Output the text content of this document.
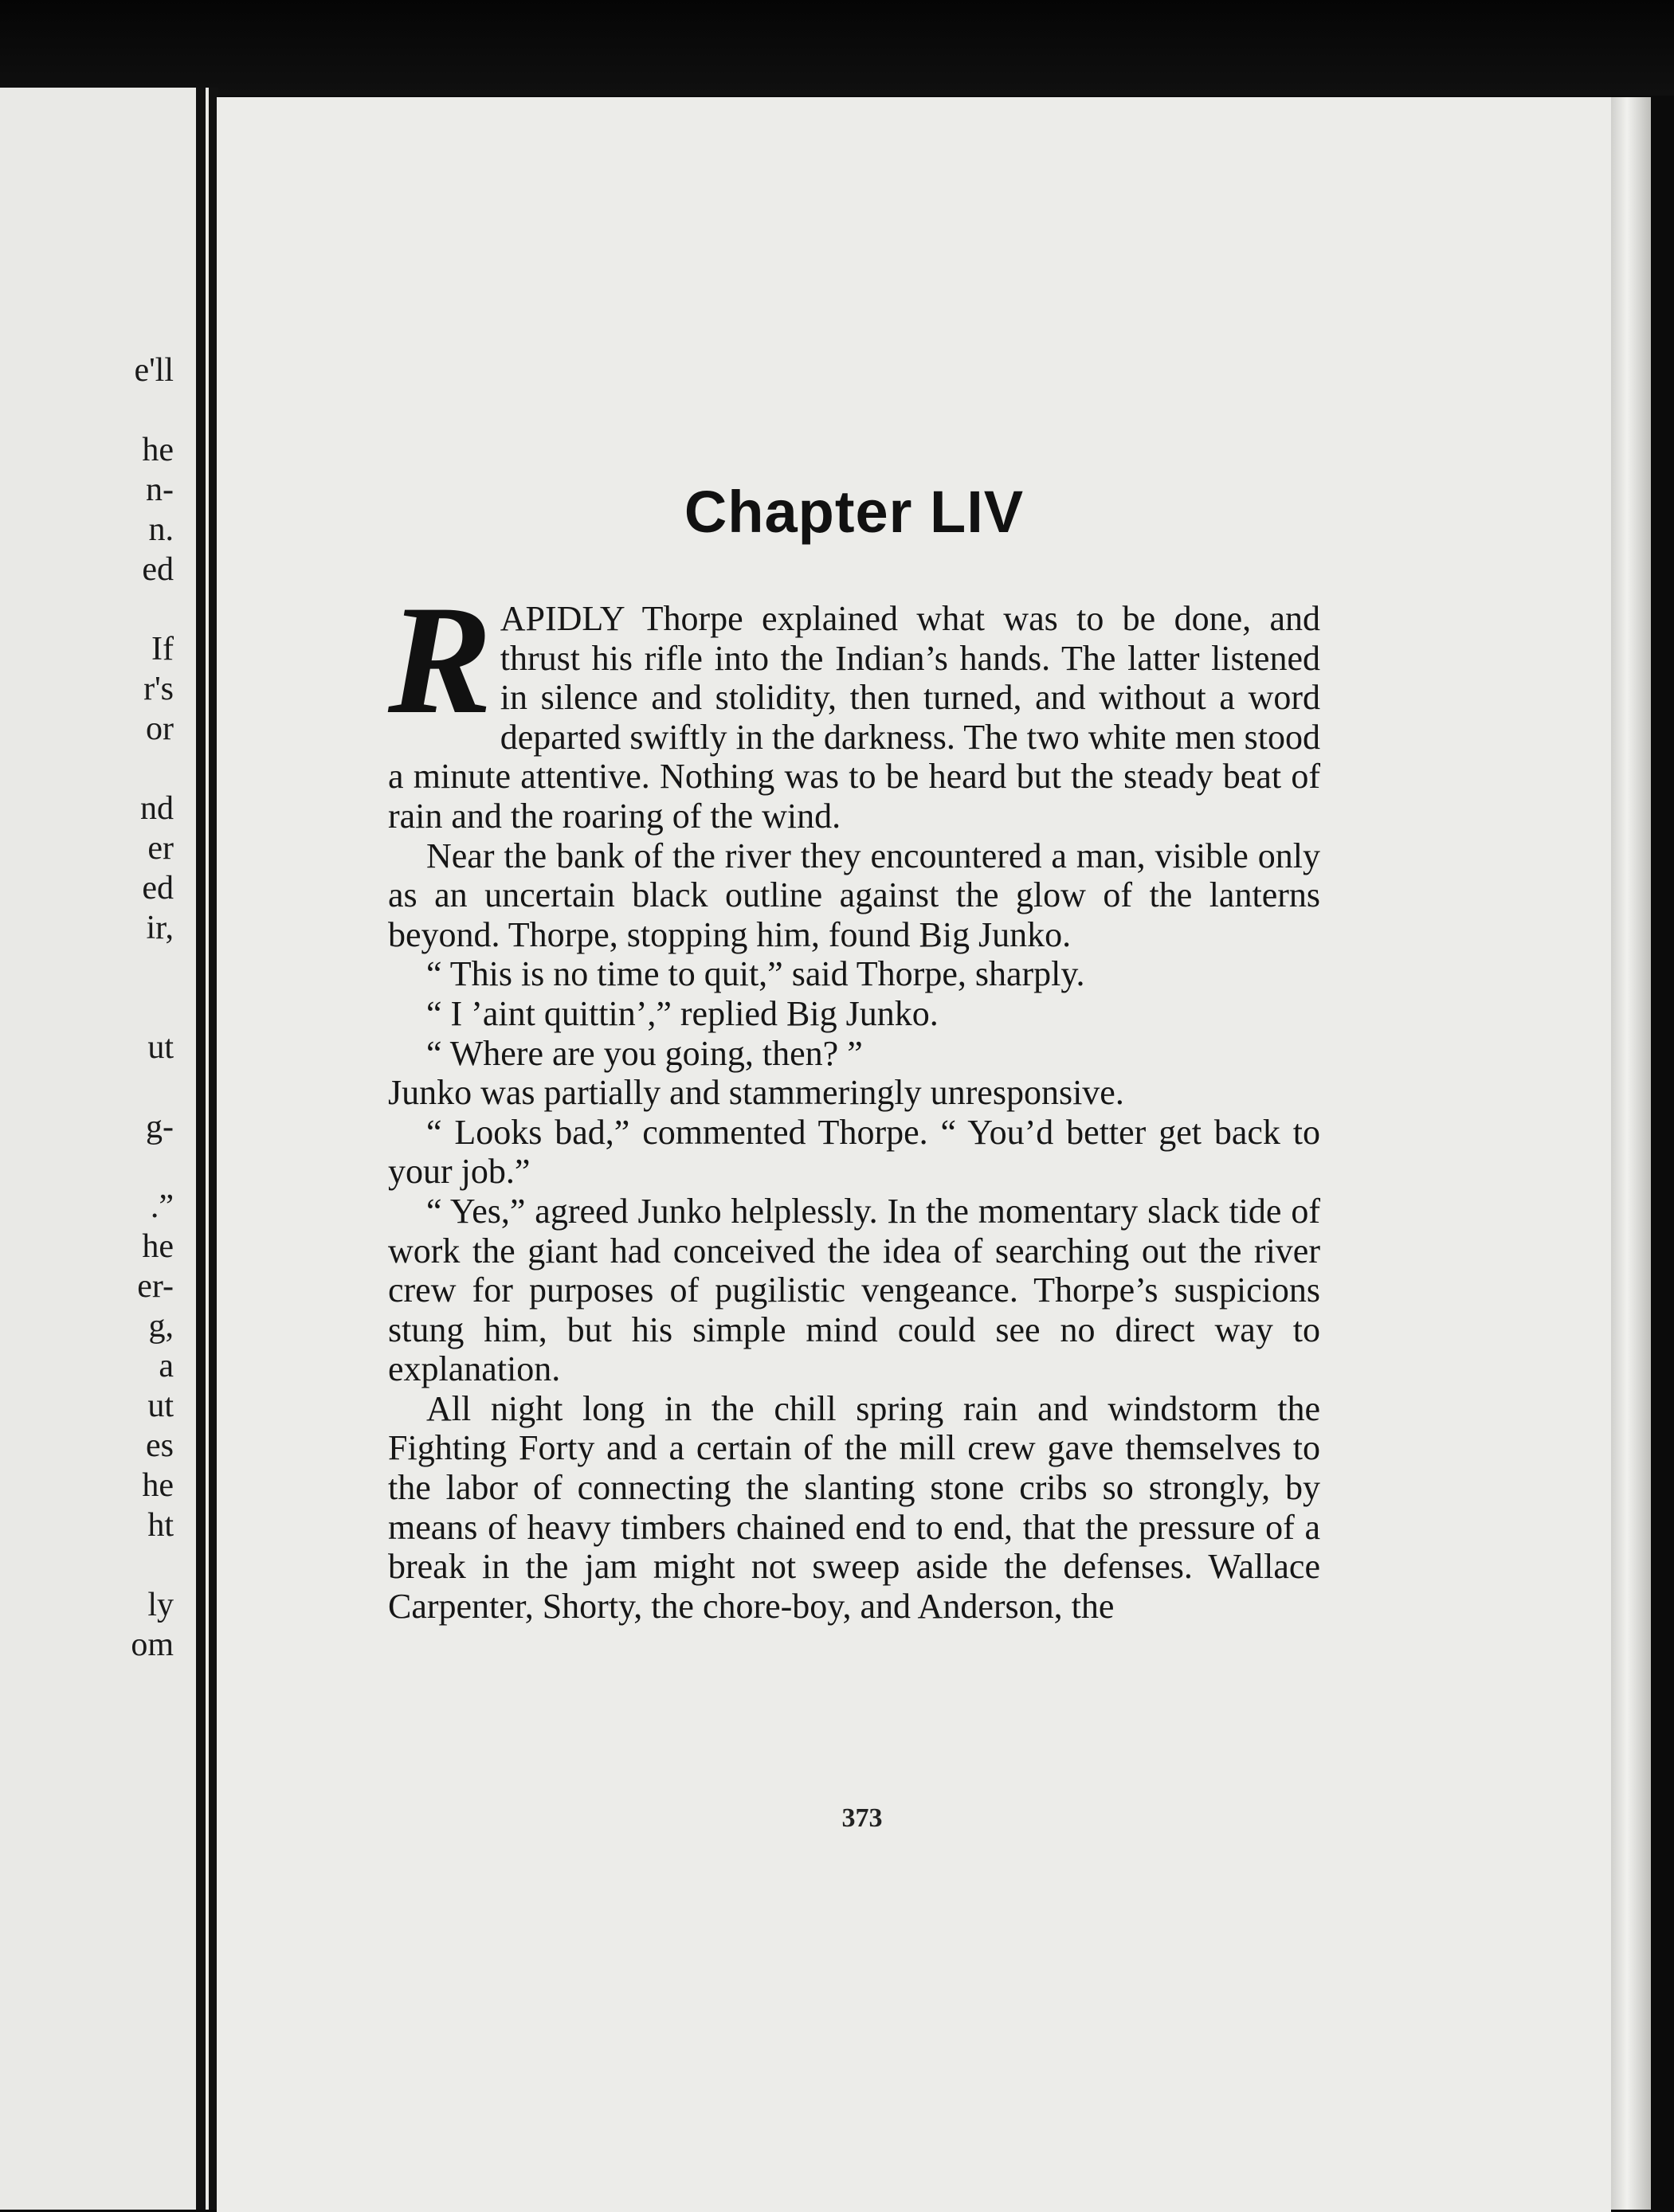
e'll
he
n-
n.
ed
If
r's
or
nd
er
ed
ir,
ut
g-
.”
he
er-
g,
a
ut
es
he
ht
ly
om
Chapter LIV

RAPIDLY Thorpe explained what was to be done, and thrust his rifle into the Indian’s hands. The latter listened in silence and stolidity, then turned, and without a word departed swiftly in the darkness. The two white men stood a minute attentive. Nothing was to be heard but the steady beat of rain and the roaring of the wind.

Near the bank of the river they encountered a man, visible only as an uncertain black outline against the glow of the lanterns beyond. Thorpe, stopping him, found Big Junko.

“ This is no time to quit,” said Thorpe, sharply.

“ I ’aint quittin’,” replied Big Junko.

“ Where are you going, then? ”

Junko was partially and stammeringly unresponsive.

“ Looks bad,” commented Thorpe. “ You’d better get back to your job.”

“ Yes,” agreed Junko helplessly. In the momentary slack tide of work the giant had conceived the idea of searching out the river crew for purposes of pugilistic vengeance. Thorpe’s suspicions stung him, but his simple mind could see no direct way to explanation.

All night long in the chill spring rain and windstorm the Fighting Forty and a certain of the mill crew gave themselves to the labor of connecting the slanting stone cribs so strongly, by means of heavy timbers chained end to end, that the pressure of a break in the jam might not sweep aside the defenses. Wallace Carpenter, Shorty, the chore-boy, and Anderson, the

373
